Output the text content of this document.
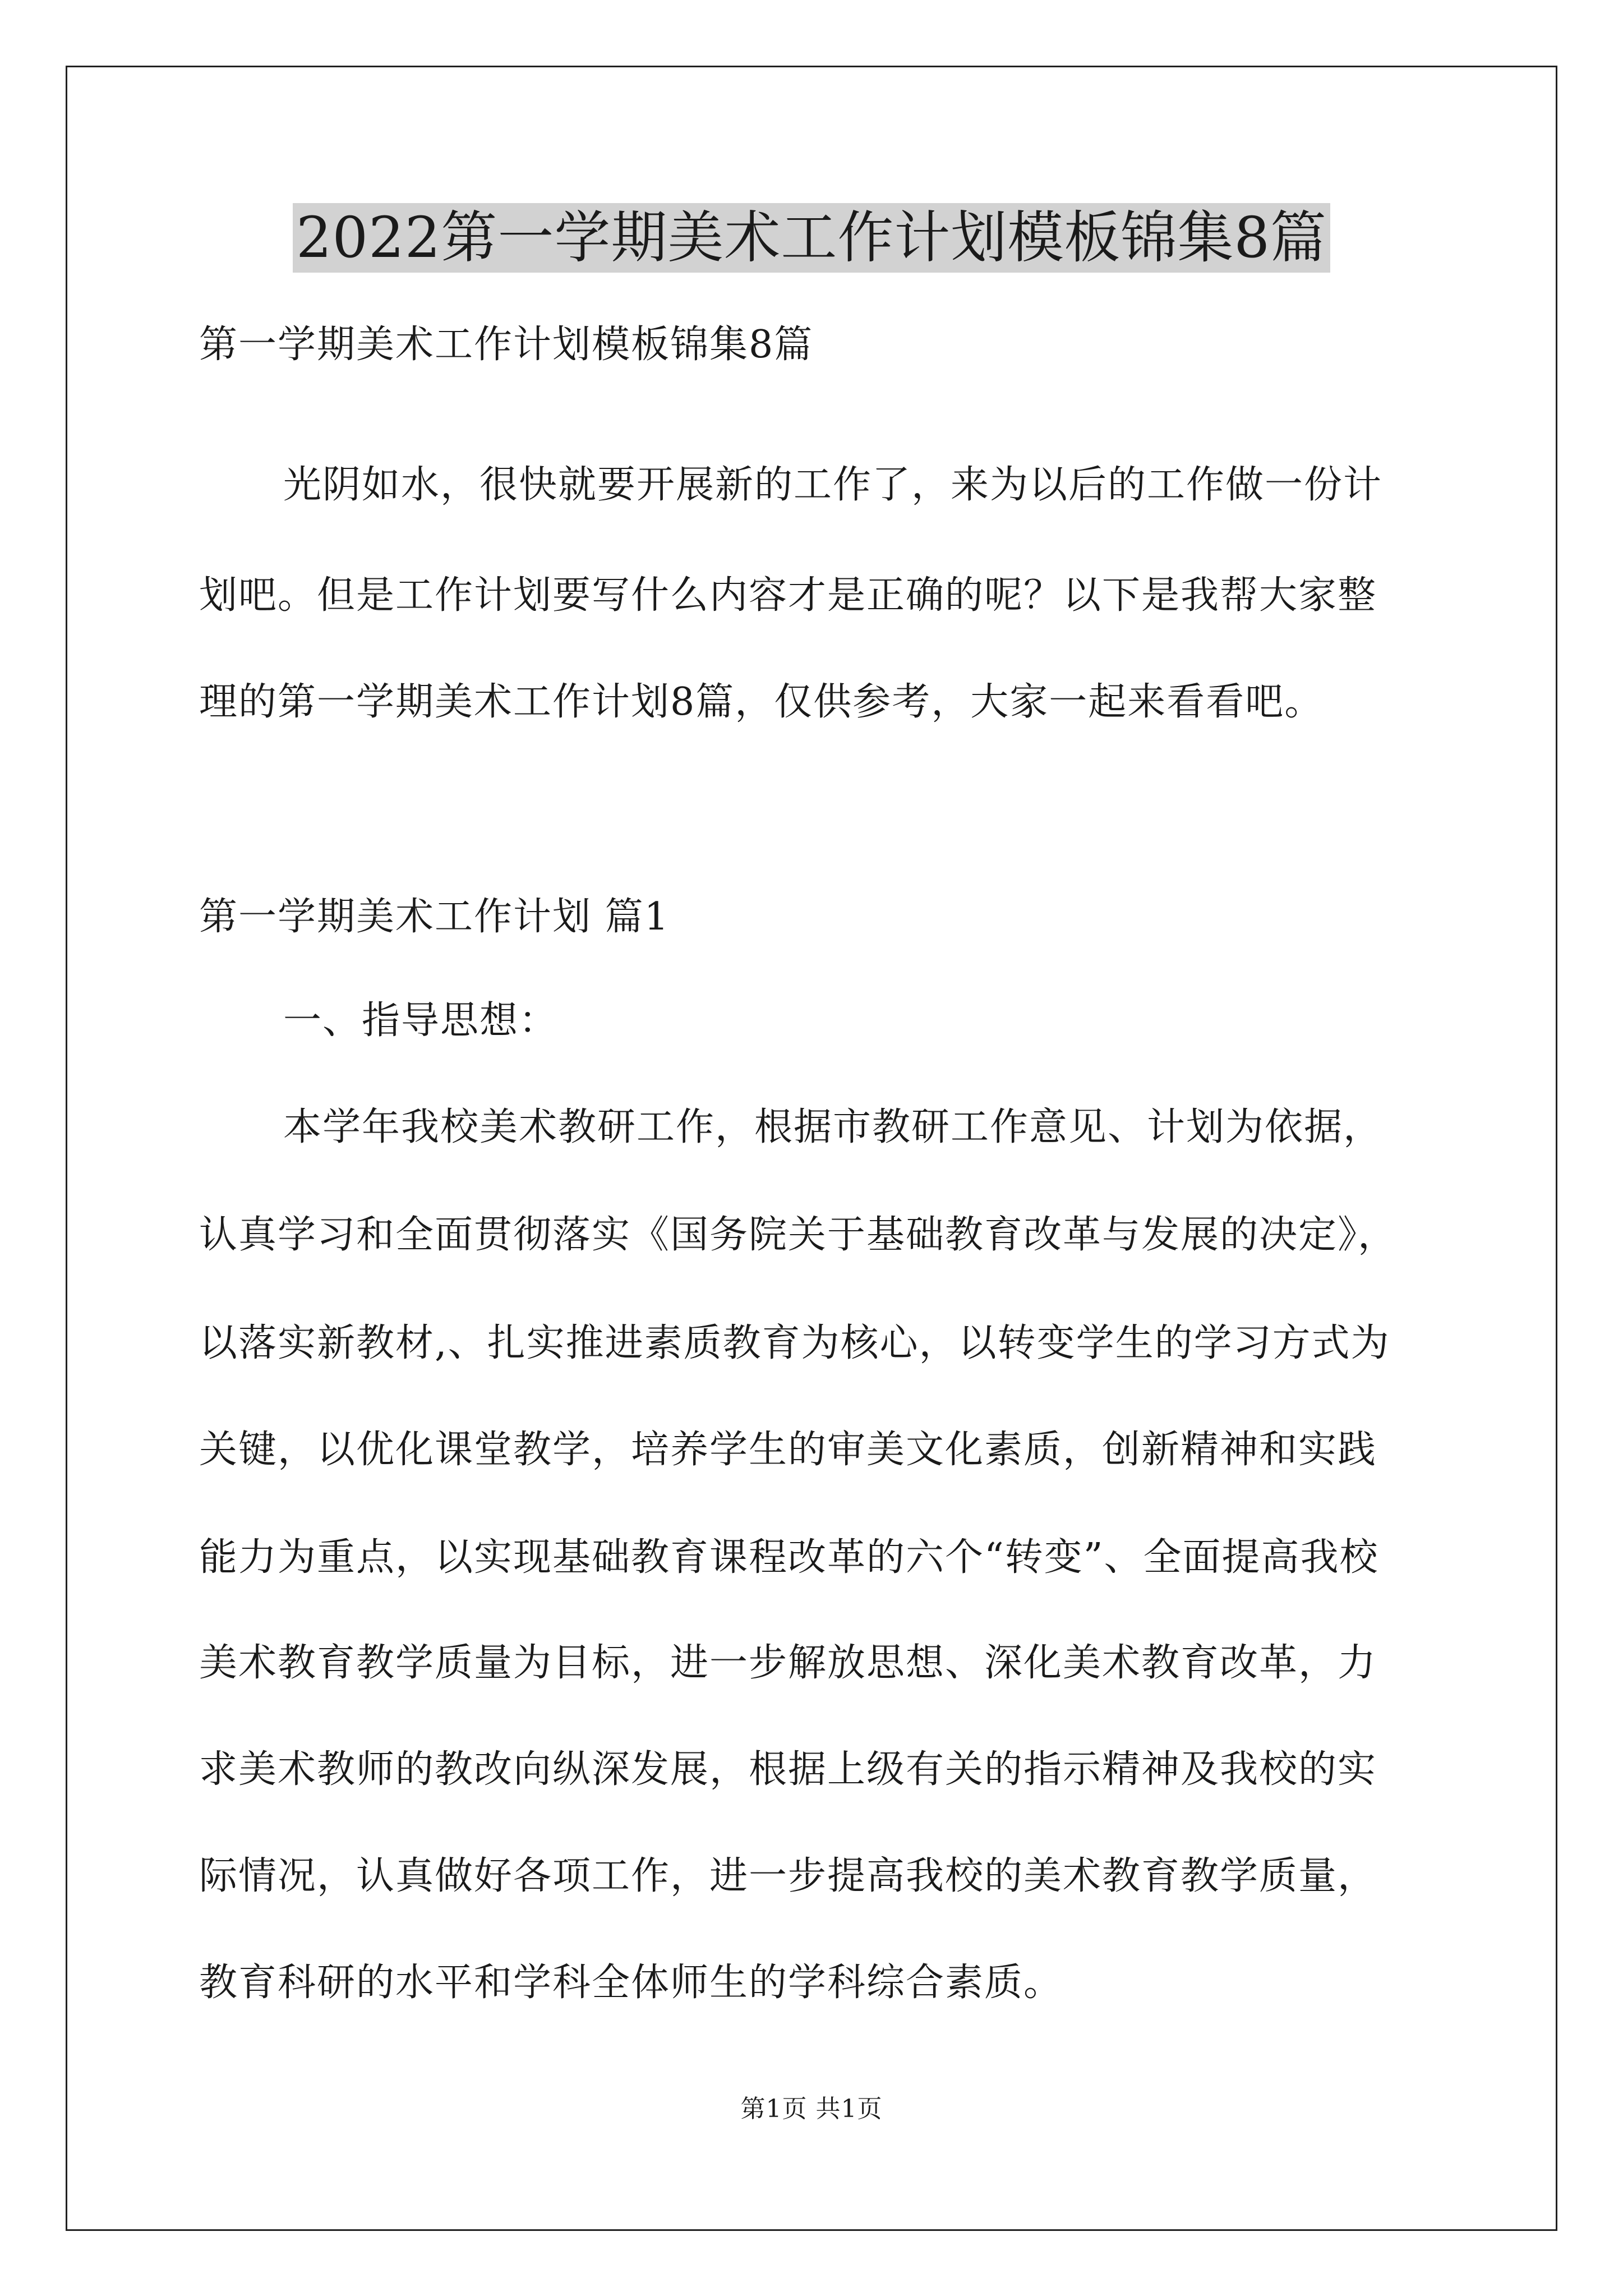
2022第一学期美术工作计划模板锦集8篇
第一学期美术工作计划模板锦集8篇
光阴如水，很快就要开展新的工作了，来为以后的工作做一份计
划吧。但是工作计划要写什么内容才是正确的呢？以下是我帮大家整
理的第一学期美术工作计划8篇，仅供参考，大家一起来看看吧。
第一学期美术工作计划 篇1
一、指导思想：
本学年我校美术教研工作，根据市教研工作意见、计划为依据，
认真学习和全面贯彻落实《国务院关于基础教育改革与发展的决定》，
以落实新教材,、扎实推进素质教育为核心，以转变学生的学习方式为
关键，以优化课堂教学，培养学生的审美文化素质，创新精神和实践
能力为重点，以实现基础教育课程改革的六个“转变”、全面提高我校
美术教育教学质量为目标，进一步解放思想、深化美术教育改革，力
求美术教师的教改向纵深发展，根据上级有关的指示精神及我校的实
际情况，认真做好各项工作，进一步提高我校的美术教育教学质量，
教育科研的水平和学科全体师生的学科综合素质。
第1页 共1页
